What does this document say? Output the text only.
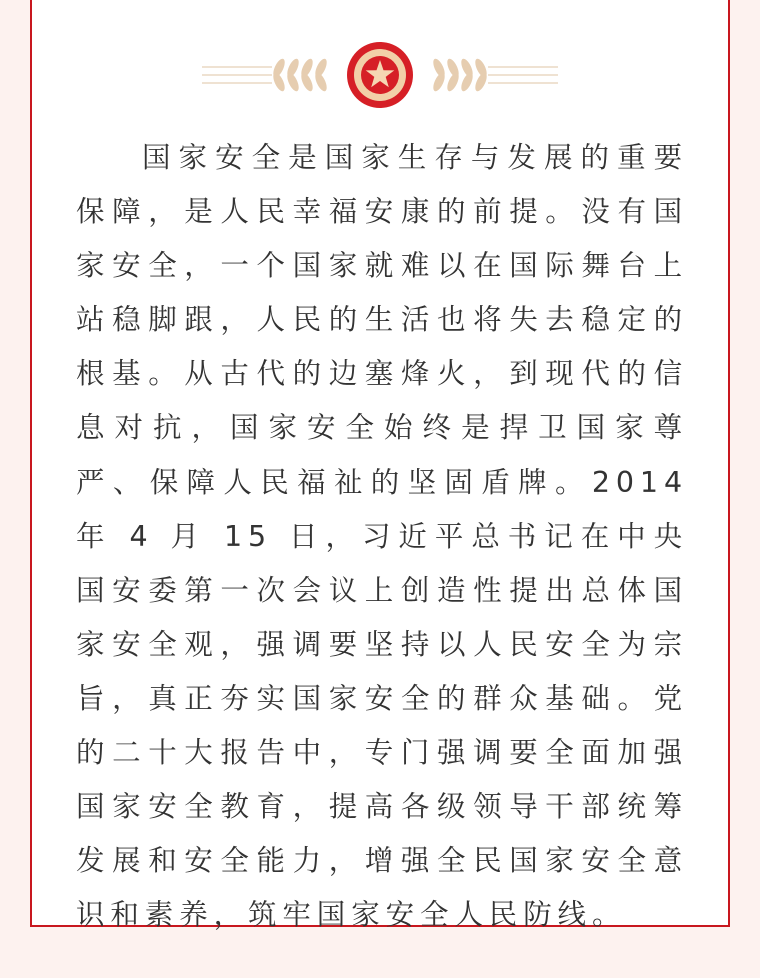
国家安全是国家生存与发展的重要保障，是人民幸福安康的前提。没有国家安全，一个国家就难以在国际舞台上站稳脚跟，人民的生活也将失去稳定的根基。从古代的边塞烽火，到现代的信息对抗，国家安全始终是捍卫国家尊严、保障人民福祉的坚固盾牌。2014 年 4 月 15 日，习近平总书记在中央国安委第一次会议上创造性提出总体国家安全观，强调要坚持以人民安全为宗旨，真正夯实国家安全的群众基础。党的二十大报告中，专门强调要全面加强国家安全教育，提高各级领导干部统筹发展和安全能力，增强全民国家安全意识和素养，筑牢国家安全人民防线。
